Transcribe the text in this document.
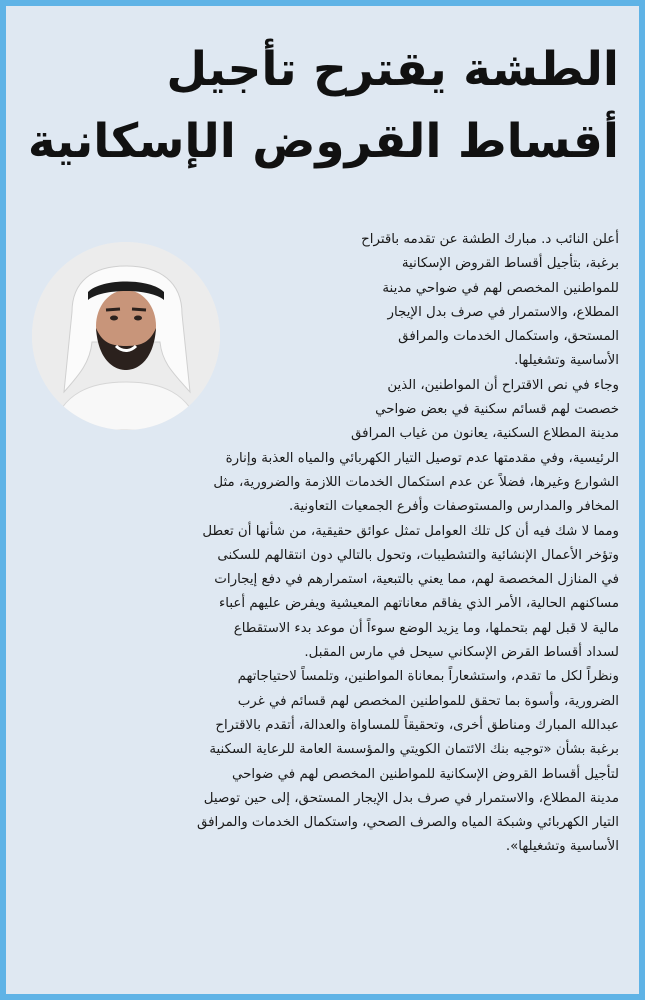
الطشة يقترح تأجيل
أقساط القروض الإسكانية
أعلن النائب د. مبارك الطشة عن تقدمه باقتراح
برغبة، بتأجيل أقساط القروض الإسكانية
للمواطنين المخصص لهم في ضواحي مدينة
المطلاع، والاستمرار في صرف بدل الإيجار
المستحق، واستكمال الخدمات والمرافق
الأساسية وتشغيلها.
وجاء في نص الاقتراح أن المواطنين، الذين
خصصت لهم قسائم سكنية في بعض ضواحي
مدينة المطلاع السكنية، يعانون من غياب المرافق
الرئيسية، وفي مقدمتها عدم توصيل التيار الكهربائي والمياه العذبة وإنارة
الشوارع وغيرها، فضلاً عن عدم استكمال الخدمات اللازمة والضرورية، مثل
المخافر والمدارس والمستوصفات وأفرع الجمعيات التعاونية.
ومما لا شك فيه أن كل تلك العوامل تمثل عوائق حقيقية، من شأنها أن تعطل
وتؤخر الأعمال الإنشائية والتشطيبات، وتحول بالتالي دون انتقالهم للسكنى
في المنازل المخصصة لهم، مما يعني بالتبعية، استمرارهم في دفع إيجارات
مساكنهم الحالية، الأمر الذي يفاقم معاناتهم المعيشية ويفرض عليهم أعباء
مالية لا قبل لهم بتحملها، وما يزيد الوضع سوءاً أن موعد بدء الاستقطاع
لسداد أقساط القرض الإسكاني سيحل في مارس المقبل.
ونظراً لكل ما تقدم، واستشعاراً بمعاناة المواطنين، وتلمساً لاحتياجاتهم
الضرورية، وأسوة بما تحقق للمواطنين المخصص لهم قسائم في غرب
عبدالله المبارك ومناطق أخرى، وتحقيقاً للمساواة والعدالة، أتقدم بالاقتراح
برغبة بشأن «توجيه بنك الائتمان الكويتي والمؤسسة العامة للرعاية السكنية
لتأجيل أقساط القروض الإسكانية للمواطنين المخصص لهم في ضواحي
مدينة المطلاع، والاستمرار في صرف بدل الإيجار المستحق، إلى حين توصيل
التيار الكهربائي وشبكة المياه والصرف الصحي، واستكمال الخدمات والمرافق
الأساسية وتشغيلها».
